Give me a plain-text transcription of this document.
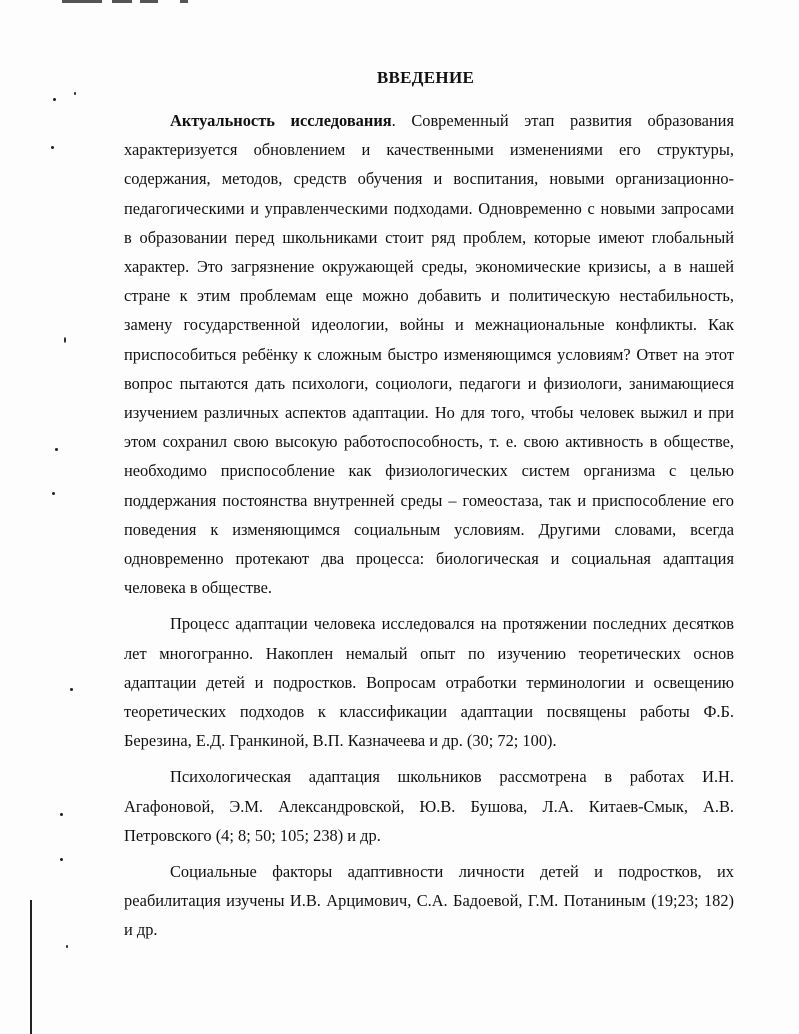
ВВЕДЕНИЕ

Актуальность исследования. Современный этап развития образования характеризуется обновлением и качественными изменениями его структуры, содержания, методов, средств обучения и воспитания, новыми организационно-педагогическими и управленческими подходами. Одновременно с новыми запросами в образовании перед школьниками стоит ряд проблем, которые имеют глобальный характер. Это загрязнение окружающей среды, экономические кризисы, а в нашей стране к этим проблемам еще можно добавить и политическую нестабильность, замену государственной идеологии, войны и межнациональные конфликты. Как приспособиться ребёнку к сложным быстро изменяющимся условиям? Ответ на этот вопрос пытаются дать психологи, социологи, педагоги и физиологи, занимающиеся изучением различных аспектов адаптации. Но для того, чтобы человек выжил и при этом сохранил свою высокую работоспособность, т. е. свою активность в обществе, необходимо приспособление как физиологических систем организма с целью поддержания постоянства внутренней среды – гомеостаза, так и приспособление его поведения к изменяющимся социальным условиям. Другими словами, всегда одновременно протекают два процесса: биологическая и социальная адаптация человека в обществе.

Процесс адаптации человека исследовался на протяжении последних десятков лет многогранно. Накоплен немалый опыт по изучению теоретических основ адаптации детей и подростков. Вопросам отработки терминологии и освещению теоретических подходов к классификации адаптации посвящены работы Ф.Б. Березина, Е.Д. Гранкиной, В.П. Казначеева и др. (30; 72; 100).

Психологическая адаптация школьников рассмотрена в работах И.Н. Агафоновой, Э.М. Александровской, Ю.В. Бушова, Л.А. Китаев-Смык, А.В. Петровского (4; 8; 50; 105; 238) и др.

Социальные факторы адаптивности личности детей и подростков, их реабилитация изучены И.В. Арцимович, С.А. Бадоевой, Г.М. Потаниным (19;23; 182) и др.
